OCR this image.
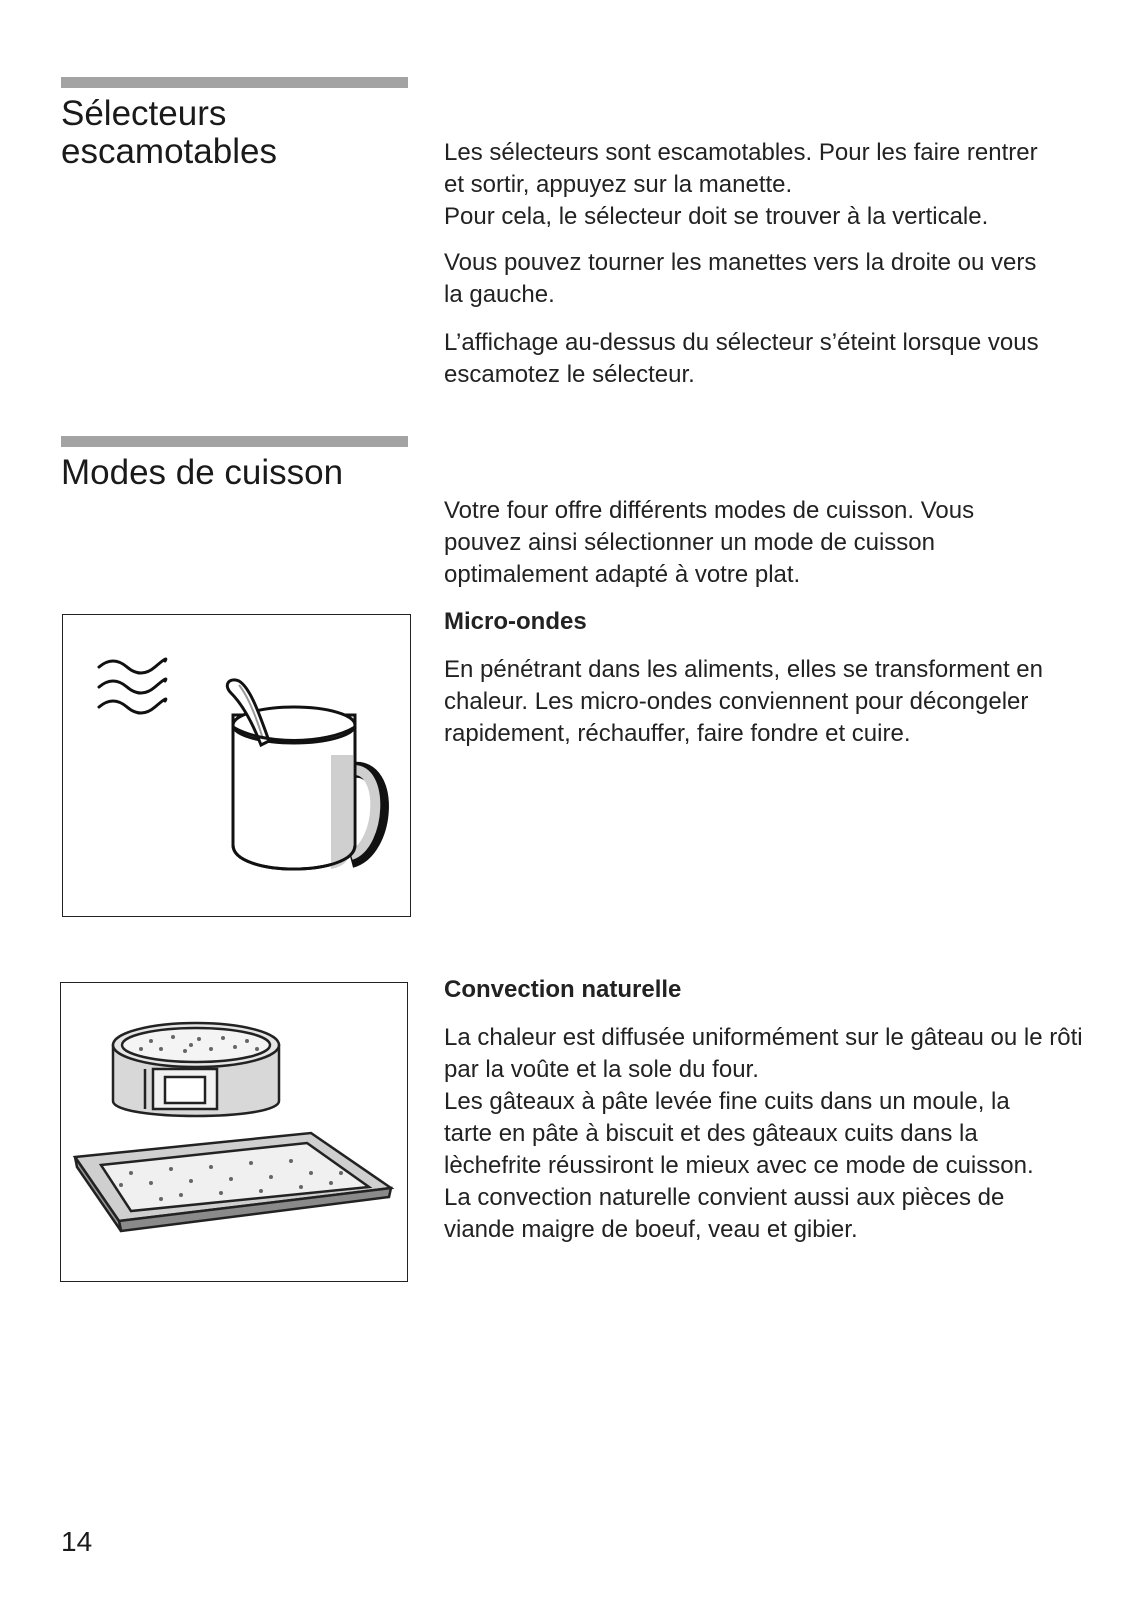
Sélecteurs
escamotables	Les sélecteurs sont escamotables. Pour les faire rentrer et sortir, appuyez sur la manette.

Pour cela, le sélecteur doit se trouver à la verticale.

Vous pouvez tourner les manettes vers la droite ou vers la gauche.

L’affichage au-dessus du sélecteur s’éteint lorsque vous escamotez le sélecteur.

Modes de cuisson

Votre four offre différents modes de cuisson. Vous pouvez ainsi sélectionner un mode de cuisson optimalement adapté à votre plat.

Micro-ondes

En pénétrant dans les aliments, elles se transforment en chaleur. Les micro-ondes conviennent pour décongeler rapidement, réchauffer, faire fondre et cuire.

Convection naturelle

La chaleur est diffusée uniformément sur le gâteau ou le rôti par la voûte et la sole du four.

Les gâteaux à pâte levée fine cuits dans un moule, la tarte en pâte à biscuit et des gâteaux cuits dans la lèchefrite réussiront le mieux avec ce mode de cuisson. La convection naturelle convient aussi aux pièces de viande maigre de boeuf, veau et gibier.

14
